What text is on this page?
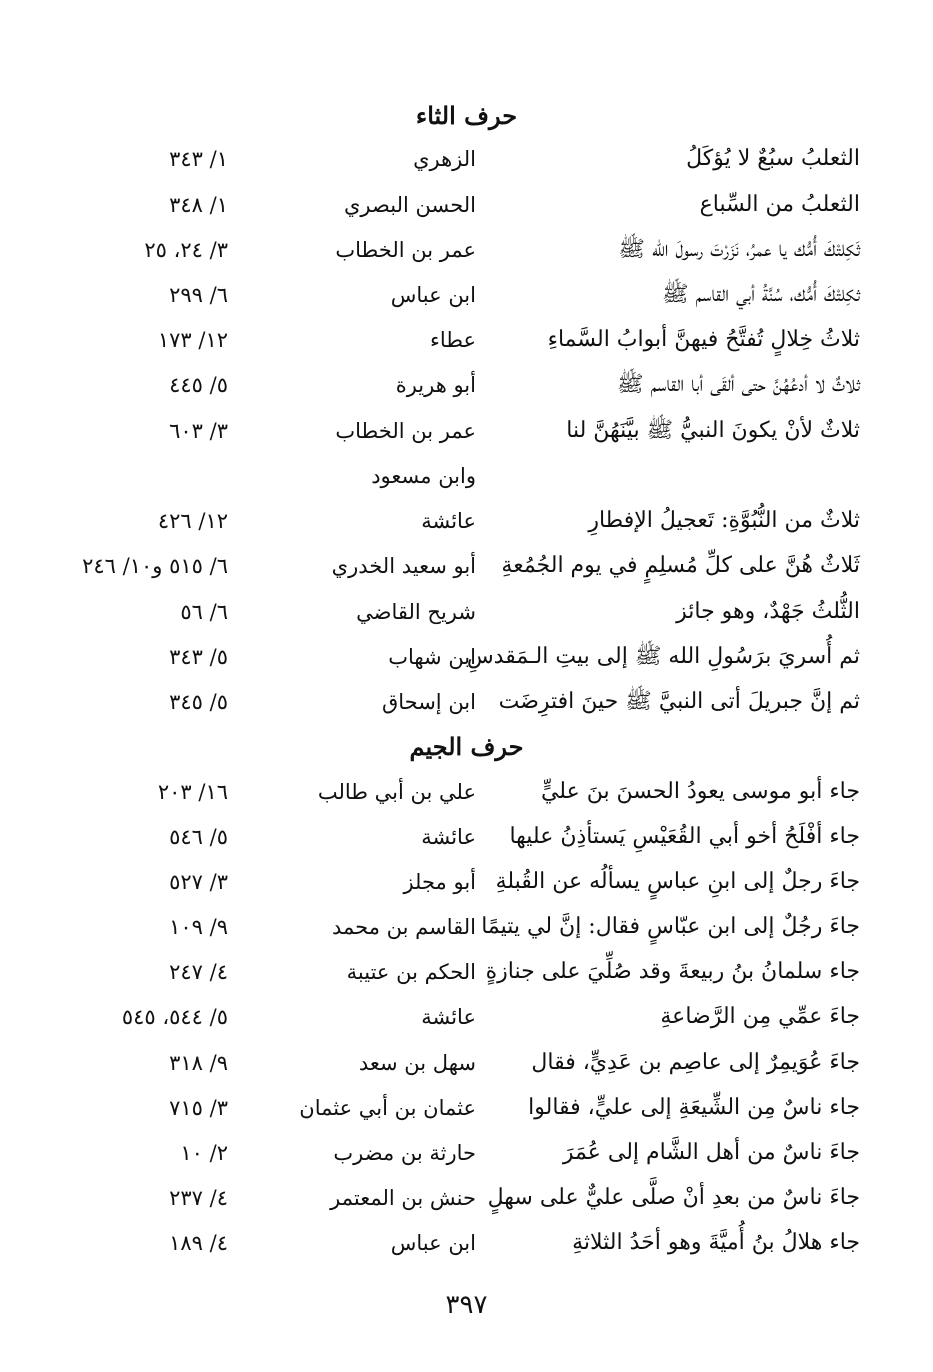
حرف الثاء
الثعلبُ سبُعٌ لا يُؤكَلُ
الزهري
١/ ٣٤٣
الثعلبُ من السِّباع
الحسن البصري
١/ ٣٤٨
ثَكِلتْكَ أُمُّك يا عمرُ، نَزَرْتَ رسولَ الله ﷺ
عمر بن الخطاب
٣/ ٢٤، ٢٥
ثكِلتْكَ أُمُّك، سُنَّةُ أبي القاسم ﷺ
ابن عباس
٦/ ٢٩٩
ثلاثُ خِلالٍ تُفتَّحُ فيهنَّ أبوابُ السَّماءِ
عطاء
١٢/ ١٧٣
ثلاثٌ لا أدعُهُنَّ حتى ألقَى أبا القاسم ﷺ
أبو هريرة
٥/ ٤٤٥
ثلاثٌ لأنْ يكونَ النبيُّ ﷺ بيَّنَهُنَّ لنا
عمر بن الخطاب
٣/ ٦٠٣
وابن مسعود
ثلاثٌ من النُّبُوَّةِ: تَعجيلُ الإفطارِ
عائشة
١٢/ ٤٢٦
ثَلاثٌ هُنَّ على كلِّ مُسلِمٍ في يوم الجُمُعةِ
أبو سعيد الخدري
٦/ ٥١٥ و١٠/ ٢٤٦
الثُّلثُ جَهْدٌ، وهو جائز
شريح القاضي
٦/ ٥٦
ثم أُسريَ برَسُولِ الله ﷺ إلى بيتِ الـمَقدسِ
ابن شهاب
٥/ ٣٤٣
ثم إنَّ جبريلَ أتى النبيَّ ﷺ حينَ افترِضَت
ابن إسحاق
٥/ ٣٤٥
حرف الجيم
جاء أبو موسى يعودُ الحسنَ بنَ عليٍّ
علي بن أبي طالب
١٦/ ٢٠٣
جاء أفْلَحُ أخو أبي القُعَيْسِ يَستأذِنُ عليها
عائشة
٥/ ٥٤٦
جاءَ رجلٌ إلى ابنِ عباسٍ يسألُه عن القُبلةِ
أبو مجلز
٣/ ٥٢٧
جاءَ رجُلٌ إلى ابن عبّاسٍ فقال: إنَّ لي يتيمًا
القاسم بن محمد
٩/ ١٠٩
جاء سلمانُ بنُ ربيعةَ وقد صُلِّيَ على جنازةٍ
الحكم بن عتيبة
٤/ ٢٤٧
جاءَ عمِّي مِن الرَّضاعةِ
عائشة
٥/ ٥٤٤، ٥٤٥
جاءَ عُوَيمِرٌ إلى عاصِم بن عَدِيٍّ، فقال
سهل بن سعد
٩/ ٣١٨
جاء ناسٌ مِن الشِّيعَةِ إلى عليٍّ، فقالوا
عثمان بن أبي عثمان
٣/ ٧١٥
جاءَ ناسٌ من أهل الشَّام إلى عُمَرَ
حارثة بن مضرب
٢/ ١٠
جاءَ ناسٌ من بعدِ أنْ صلَّى عليٌّ على سهلٍ
حنش بن المعتمر
٤/ ٢٣٧
جاء هلالُ بنُ أُميَّةَ وهو أحَدُ الثلاثةِ
ابن عباس
٤/ ١٨٩
٣٩٧
